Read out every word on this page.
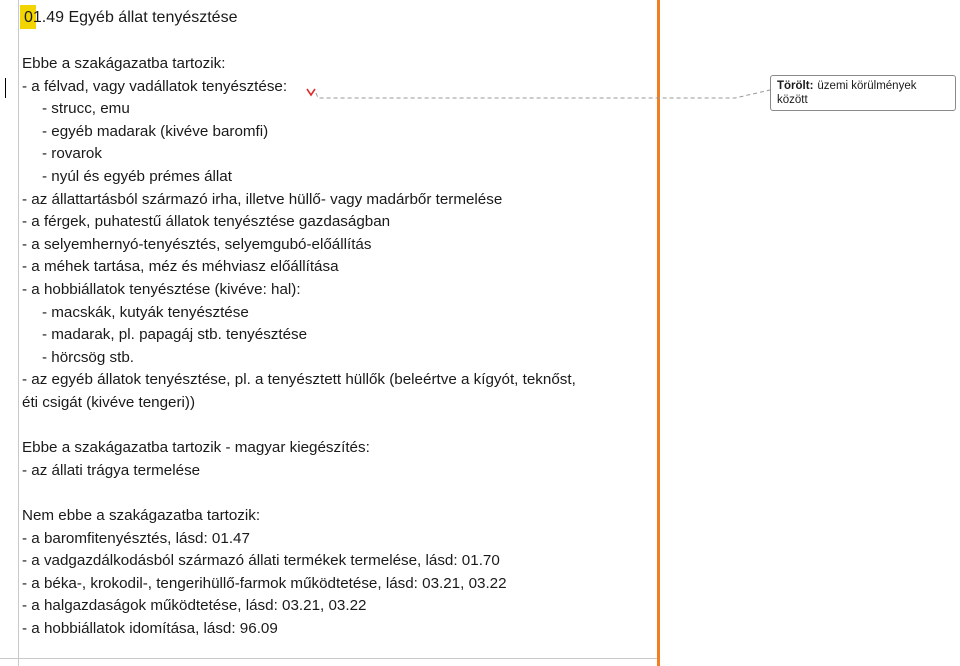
01.49 Egyéb állat tenyésztése
Ebbe a szakágazatba tartozik:
- a félvad, vagy vadállatok tenyésztése:
- strucc, emu
- egyéb madarak (kivéve baromfi)
- rovarok
- nyúl és egyéb prémes állat
- az állattartásból származó irha, illetve hüllő- vagy madárbőr termelése
- a férgek, puhatestű állatok tenyésztése gazdaságban
- a selyemhernyó-tenyésztés, selyemgubó-előállítás
- a méhek tartása, méz és méhviasz előállítása
- a hobbiállatok tenyésztése (kivéve: hal):
- macskák, kutyák tenyésztése
- madarak, pl. papagáj stb. tenyésztése
- hörcsög stb.
- az egyéb állatok tenyésztése, pl. a tenyésztett hüllők (beleértve a kígyót, teknőst,
éti csigát (kivéve tengeri))
Ebbe a szakágazatba tartozik - magyar kiegészítés:
- az állati trágya termelése
Nem ebbe a szakágazatba tartozik:
- a baromfitenyésztés, lásd: 01.47
- a vadgazdálkodásból származó állati termékek termelése, lásd: 01.70
- a béka-, krokodil-, tengerihüllő-farmok működtetése, lásd: 03.21, 03.22
- a halgazdaságok működtetése, lásd: 03.21, 03.22
- a hobbiállatok idomítása, lásd: 96.09
Törölt: üzemi körülmények között
